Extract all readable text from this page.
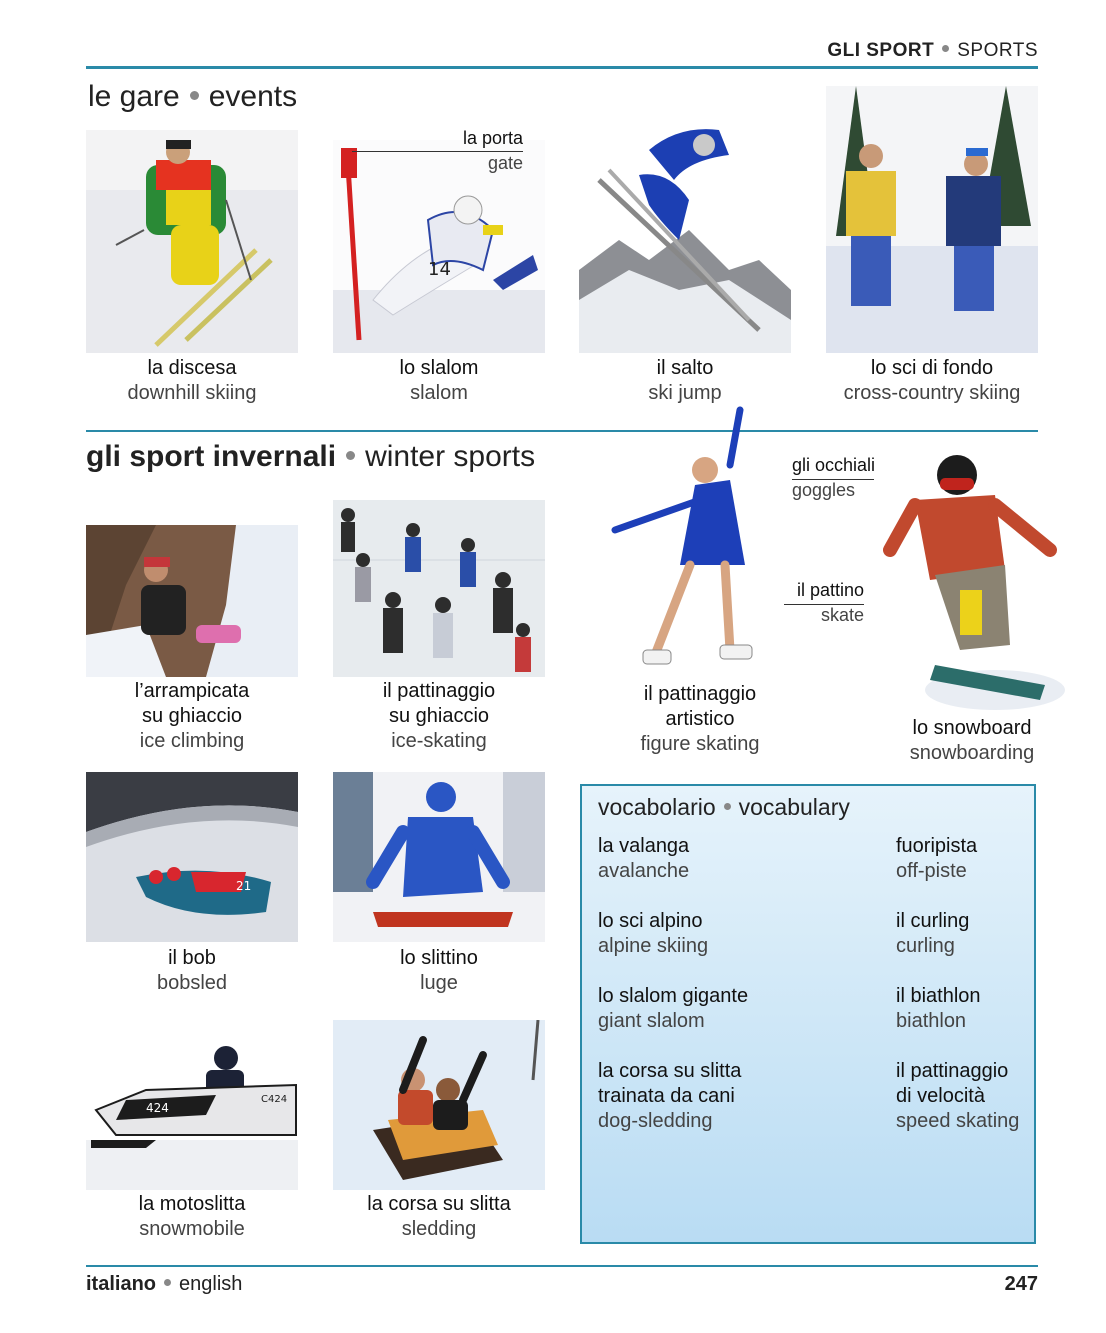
GLI SPORT SPORTS
le gare events
la discesa
downhill skiing
14
la porta
gate
lo slalom
slalom
il salto
ski jump
lo sci di fondo
cross-country skiing
gli sport invernali winter sports
l’arrampicata
su ghiaccio
ice climbing
il pattinaggio
su ghiaccio
ice-skating
gli occhiali
goggles
il pattino
skate
il pattinaggio
artistico
figure skating
lo snowboard
snowboarding
21
il bob
bobsled
lo slittino
luge
424
C424
la motoslitta
snowmobile
la corsa su slitta
sledding
vocabolario vocabulary
la valanga
avalanche
lo sci alpino
alpine skiing
lo slalom gigante
giant slalom
la corsa su slitta
trainata da cani
dog-sledding
fuoripista
off-piste
il curling
curling
il biathlon
biathlon
il pattinaggio
di velocità
speed skating
italiano english	247
